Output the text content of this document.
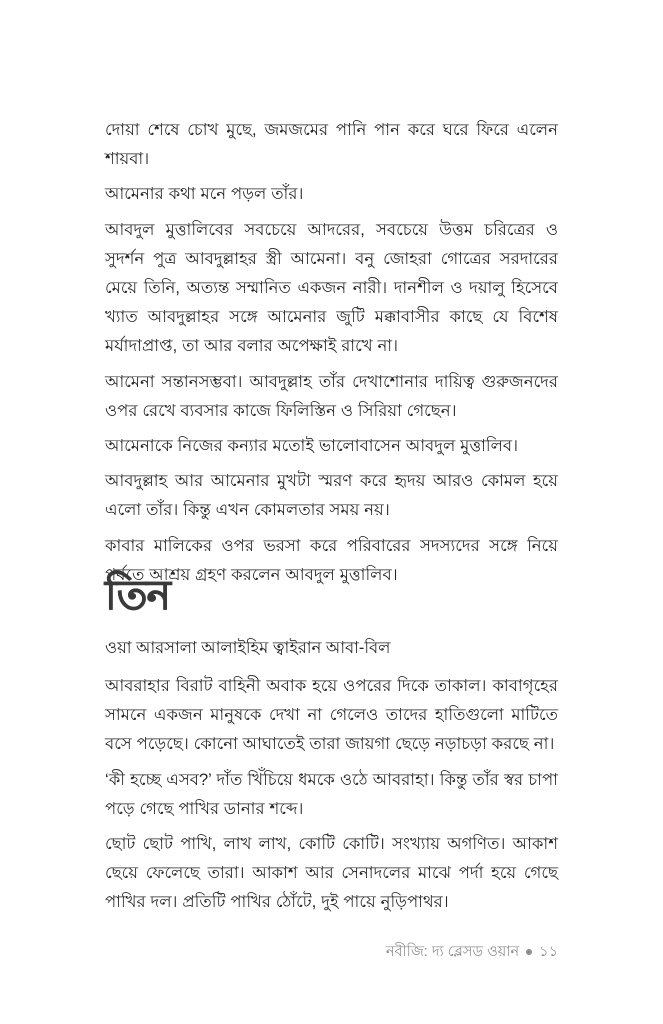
দোয়া শেষে চোখ মুছে, জমজমের পানি পান করে ঘরে ফিরে এলেন শায়বা।

আমেনার কথা মনে পড়ল তাঁর।

আবদুল মুত্তালিবের সবচেয়ে আদরের, সবচেয়ে উত্তম চরিত্রের ও সুদর্শন পুত্র আবদুল্লাহর স্ত্রী আমেনা। বনু জোহরা গোত্রের সরদারের মেয়ে তিনি, অত্যন্ত সম্মানিত একজন নারী। দানশীল ও দয়ালু হিসেবে খ্যাত আবদুল্লাহর সঙ্গে আমেনার জুটি মক্কাবাসীর কাছে যে বিশেষ মর্যাদাপ্রাপ্ত, তা আর বলার অপেক্ষাই রাখে না।

আমেনা সন্তানসম্ভবা। আবদুল্লাহ তাঁর দেখাশোনার দায়িত্ব গুরুজনদের ওপর রেখে ব্যবসার কাজে ফিলিস্তিন ও সিরিয়া গেছেন।

আমেনাকে নিজের কন্যার মতোই ভালোবাসেন আবদুল মুত্তালিব।

আবদুল্লাহ আর আমেনার মুখটা স্মরণ করে হৃদয় আরও কোমল হয়ে এলো তাঁর। কিন্তু এখন কোমলতার সময় নয়।

কাবার মালিকের ওপর ভরসা করে পরিবারের সদস্যদের সঙ্গে নিয়ে পর্বতে আশ্রয় গ্রহণ করলেন আবদুল মুত্তালিব।

তিন

ওয়া আরসালা আলাইহিম ত্বাইরান আবা-বিল

আবরাহার বিরাট বাহিনী অবাক হয়ে ওপরের দিকে তাকাল। কাবাগৃহের সামনে একজন মানুষকে দেখা না গেলেও তাদের হাতিগুলো মাটিতে বসে পড়েছে। কোনো আঘাতেই তারা জায়গা ছেড়ে নড়াচড়া করছে না।

‘কী হচ্ছে এসব?’ দাঁত খিঁচিয়ে ধমকে ওঠে আবরাহা। কিন্তু তাঁর স্বর চাপা পড়ে গেছে পাখির ডানার শব্দে।

ছোট ছোট পাখি, লাখ লাখ, কোটি কোটি। সংখ্যায় অগণিত। আকাশ ছেয়ে ফেলেছে তারা। আকাশ আর সেনাদলের মাঝে পর্দা হয়ে গেছে পাখির দল। প্রতিটি পাখির ঠোঁটে, দুই পায়ে নুড়িপাথর।

নবীজি: দ্য ব্লেসড ওয়ান ১১
